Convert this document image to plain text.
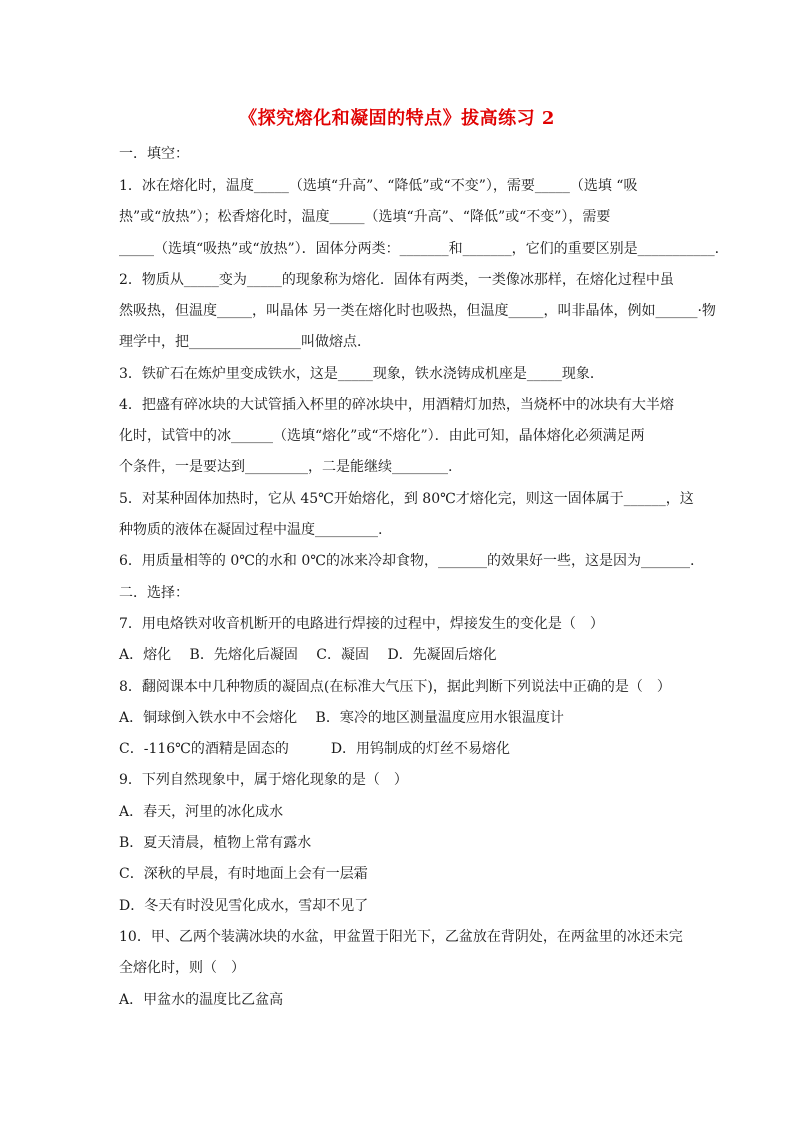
《探究熔化和凝固的特点》拔高练习 2
一．填空：
1．冰在熔化时，温度_____（选填“升高”、“降低”或“不变”），需要_____（选填 “吸
热”或“放热”）；松香熔化时，温度_____（选填“升高”、“降低”或“不变”），需要
_____（选填“吸热”或“放热”）．固体分两类：_______和_______，它们的重要区别是___________.
2．物质从_____变为_____的现象称为熔化．固体有两类，一类像冰那样，在熔化过程中虽
然吸热，但温度_____，叫晶体 另一类在熔化时也吸热，但温度_____，叫非晶体，例如______·物
理学中，把________________叫做熔点．
3．铁矿石在炼炉里变成铁水，这是_____现象，铁水浇铸成机座是_____现象．
4．把盛有碎冰块的大试管插入杯里的碎冰块中，用酒精灯加热，当烧杯中的冰块有大半熔
化时，试管中的冰______（选填“熔化”或“不熔化”）．由此可知，晶体熔化必须满足两
个条件，一是要达到_________，二是能继续________.
5．对某种固体加热时，它从 45℃开始熔化，到 80℃才熔化完，则这一固体属于______，这
种物质的液体在凝固过程中温度_________.
6．用质量相等的 0℃的水和 0℃的冰来冷却食物，_______的效果好一些，这是因为_______.
二．选择：
7．用电烙铁对收音机断开的电路进行焊接的过程中，焊接发生的变化是（　）
A．熔化　 B．先熔化后凝固　 C．凝固　 D．先凝固后熔化
8．翻阅课本中几种物质的凝固点(在标准大气压下)，据此判断下列说法中正确的是（　）
A．铜球倒入铁水中不会熔化　 B．寒冷的地区测量温度应用水银温度计
C．-116℃的酒精是固态的　　　D．用钨制成的灯丝不易熔化
9．下列自然现象中，属于熔化现象的是（　）
A．春天，河里的冰化成水
B．夏天清晨，植物上常有露水
C．深秋的早晨，有时地面上会有一层霜
D．冬天有时没见雪化成水，雪却不见了
10．甲、乙两个装满冰块的水盆，甲盆置于阳光下，乙盆放在背阴处，在两盆里的冰还未完
全熔化时，则（　）
A．甲盆水的温度比乙盆高
